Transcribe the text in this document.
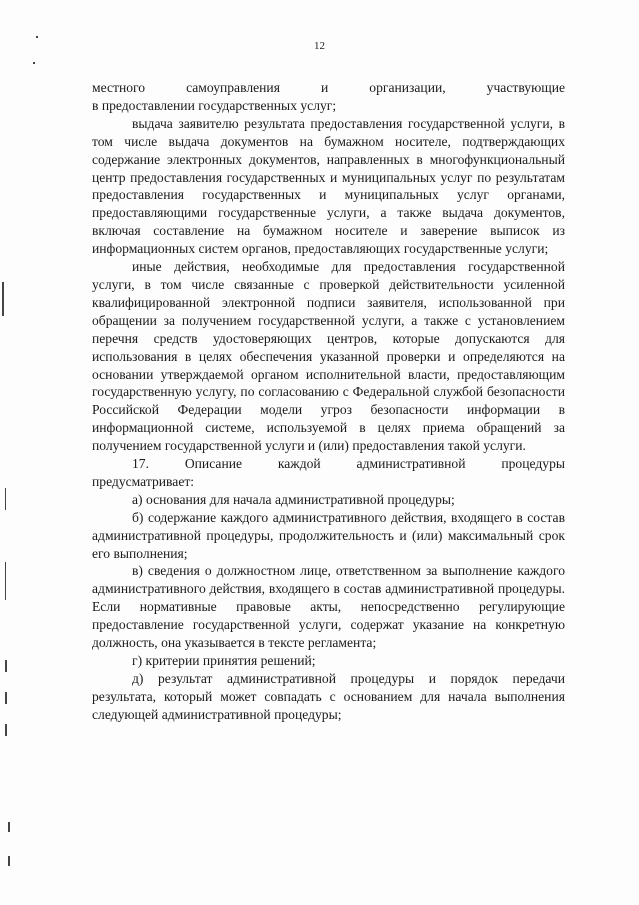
12

местного самоуправления и организации, участвующие

в предоставлении государственных услуг;

выдача заявителю результата предоставления государственной услуги, в том числе выдача документов на бумажном носителе, подтверждающих содержание электронных документов, направленных в многофункциональный центр предоставления государственных и муниципальных услуг по результатам предоставления государственных и муниципальных услуг органами, предоставляющими государственные услуги, а также выдача документов, включая составление на бумажном носителе и заверение выписок из информационных систем органов, предоставляющих государственные услуги;

иные действия, необходимые для предоставления государственной услуги, в том числе связанные с проверкой действительности усиленной квалифицированной электронной подписи заявителя, использованной при обращении за получением государственной услуги, а также с установлением перечня средств удостоверяющих центров, которые допускаются для использования в целях обеспечения указанной проверки и определяются на основании утверждаемой органом исполнительной власти, предоставляющим государственную услугу, по согласованию с Федеральной службой безопасности Российской Федерации модели угроз безопасности информации в информационной системе, используемой в целях приема обращений за получением государственной услуги и (или) предоставления такой услуги.

17. Описание каждой административной процедуры

предусматривает:

а) основания для начала административной процедуры;

б) содержание каждого административного действия, входящего в состав административной процедуры, продолжительность и (или) максимальный срок его выполнения;

в) сведения о должностном лице, ответственном за выполнение каждого административного действия, входящего в состав административной процедуры. Если нормативные правовые акты, непосредственно регулирующие предоставление государственной услуги, содержат указание на конкретную должность, она указывается в тексте регламента;

г) критерии принятия решений;

д) результат административной процедуры и порядок передачи результата, который может совпадать с основанием для начала выполнения следующей административной процедуры;
